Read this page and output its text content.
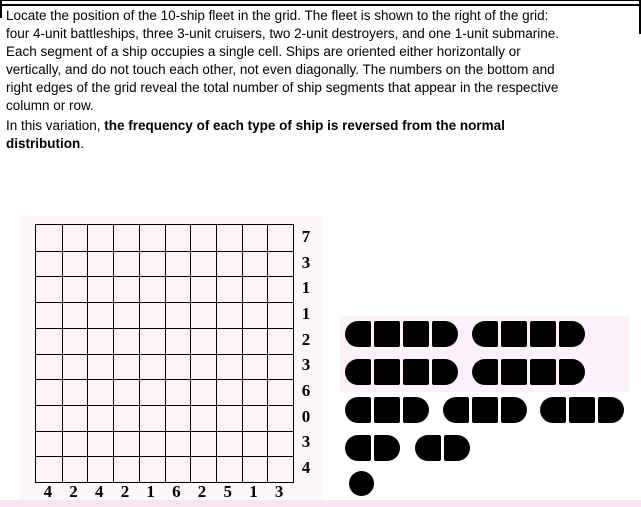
Locate the position of the 10-ship fleet in the grid. The fleet is shown to the right of the grid:
four 4-unit battleships, three 3-unit cruisers, two 2-unit destroyers, and one 1-unit submarine.
Each segment of a ship occupies a single cell. Ships are oriented either horizontally or
vertically, and do not touch each other, not even diagonally. The numbers on the bottom and
right edges of the grid reveal the total number of ship segments that appear in the respective
column or row.
In this variation, the frequency of each type of ship is reversed from the normal
distribution.
7
3
1
1
2
3
6
0
3
4
4	2	4	2	1	6	2	5	1	3
